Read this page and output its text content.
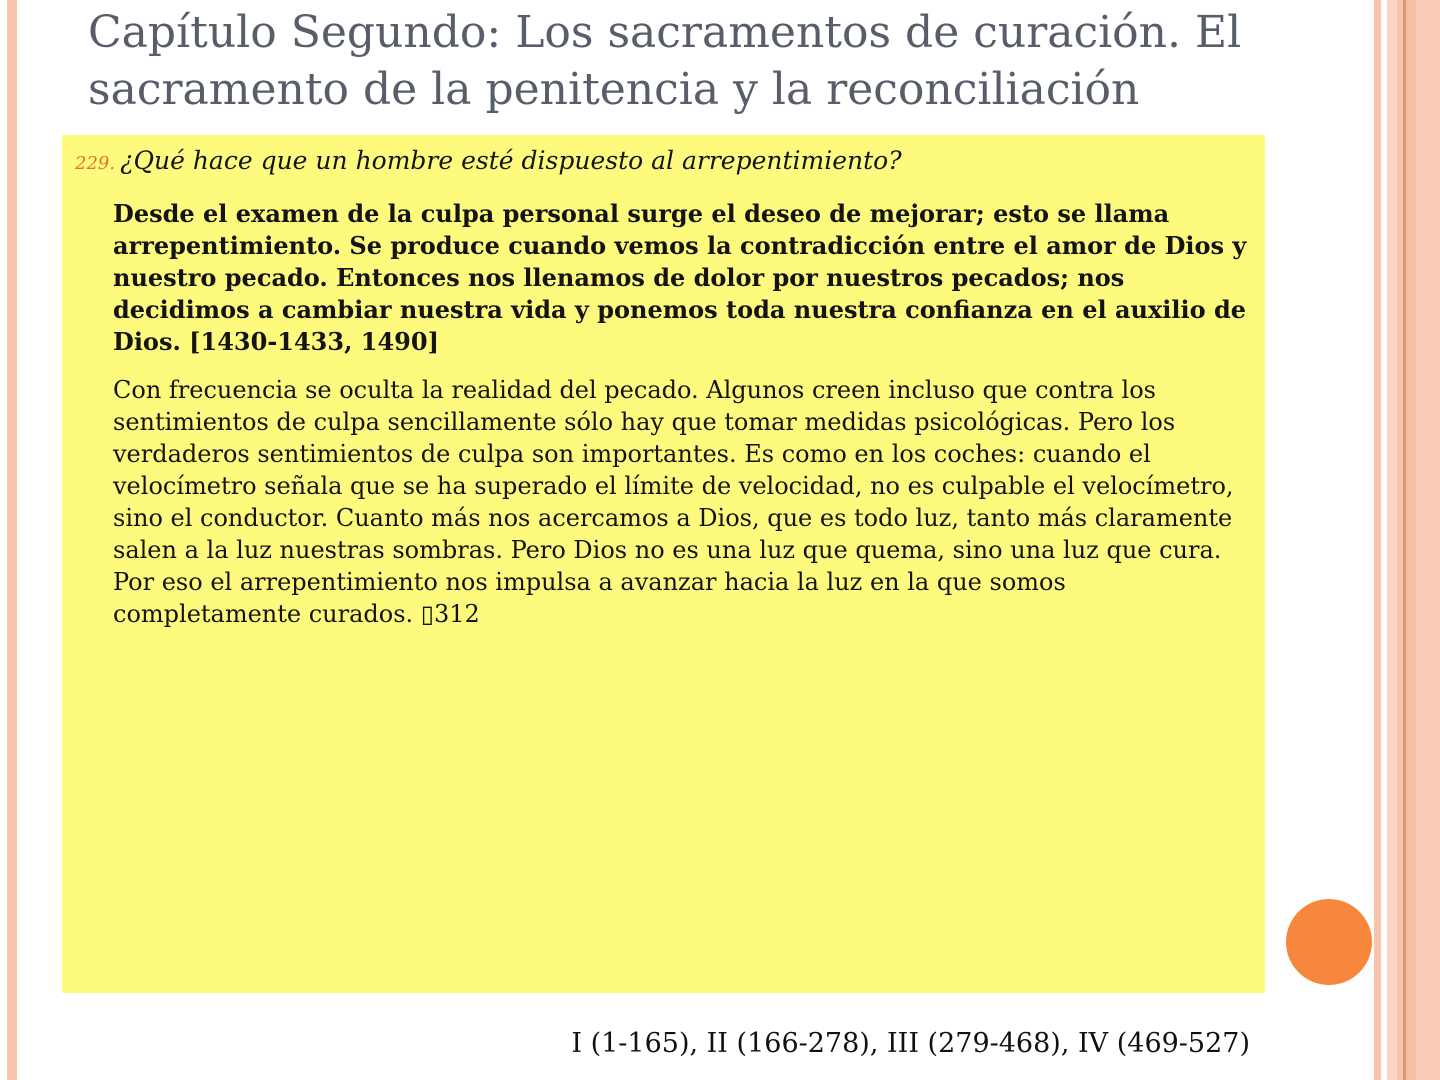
Capítulo Segundo: Los sacramentos de curación. El
sacramento de la penitencia y la reconciliación
229. ¿Qué hace que un hombre esté dispuesto al arrepentimiento?
Desde el examen de la culpa personal surge el deseo de mejorar; esto se llama arrepentimiento. Se produce cuando vemos la contradicción entre el amor de Dios y nuestro pecado. Entonces nos llenamos de dolor por nuestros pecados; nos decidimos a cambiar nuestra vida y ponemos toda nuestra confianza en el auxilio de Dios. [1430-1433, 1490]
Con frecuencia se oculta la realidad del pecado. Algunos creen incluso que contra los sentimientos de culpa sencillamente sólo hay que tomar medidas psicológicas. Pero los verdaderos sentimientos de culpa son importantes. Es como en los coches: cuando el velocímetro señala que se ha superado el límite de velocidad, no es culpable el velocímetro, sino el conductor. Cuanto más nos acercamos a Dios, que es todo luz, tanto más claramente salen a la luz nuestras sombras. Pero Dios no es una luz que quema, sino una luz que cura. Por eso el arrepentimiento nos impulsa a avanzar hacia la luz en la que somos completamente curados. ▯312
I (1-165), II (166-278), III (279-468), IV (469-527)
